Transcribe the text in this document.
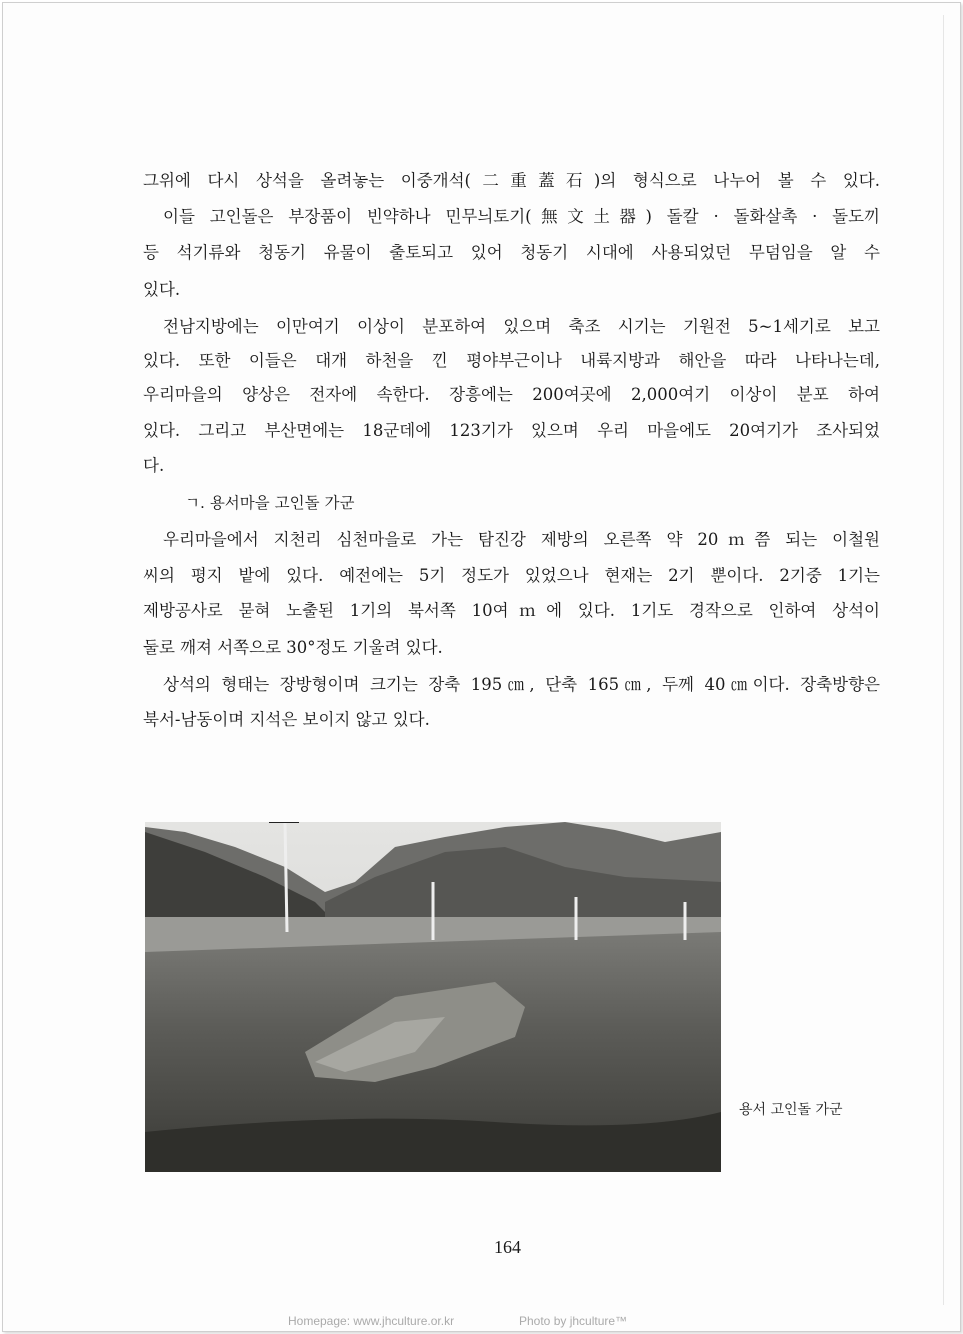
그위에 다시 상석을 올려놓는 이중개석(二重蓋石)의 형식으로 나누어 볼 수 있다.
이들 고인돌은 부장품이 빈약하나 민무늬토기(無文土器) 돌칼 · 돌화살촉 · 돌도끼
등 석기류와 청동기 유물이 출토되고 있어 청동기 시대에 사용되었던 무덤임을 알 수
있다.
전남지방에는 이만여기 이상이 분포하여 있으며 축조 시기는 기원전 5~1세기로 보고
있다. 또한 이들은 대개 하천을 낀 평야부근이나 내륙지방과 해안을 따라 나타나는데,
우리마을의 양상은 전자에 속한다. 장흥에는 200여곳에 2,000여기 이상이 분포 하여
있다. 그리고 부산면에는 18군데에 123기가 있으며 우리 마을에도 20여기가 조사되었
다.
ㄱ. 용서마을 고인돌 가군
우리마을에서 지천리 심천마을로 가는 탐진강 제방의 오른쪽 약 20ｍ쯤 되는 이철원
씨의 평지 밭에 있다. 예전에는 5기 정도가 있었으나 현재는 2기 뿐이다. 2기중 1기는
제방공사로 묻혀 노출된 1기의 북서쪽 10여ｍ에 있다. 1기도 경작으로 인하여 상석이
둘로 깨져 서쪽으로 30°정도 기울려 있다.
상석의 형태는 장방형이며 크기는 장축 195㎝, 단축 165㎝, 두께 40㎝이다. 장축방향은
북서-남동이며 지석은 보이지 않고 있다.
용서 고인돌 가군
164
Homepage: www.jhculture.or.kr	Photo by jhculture™
